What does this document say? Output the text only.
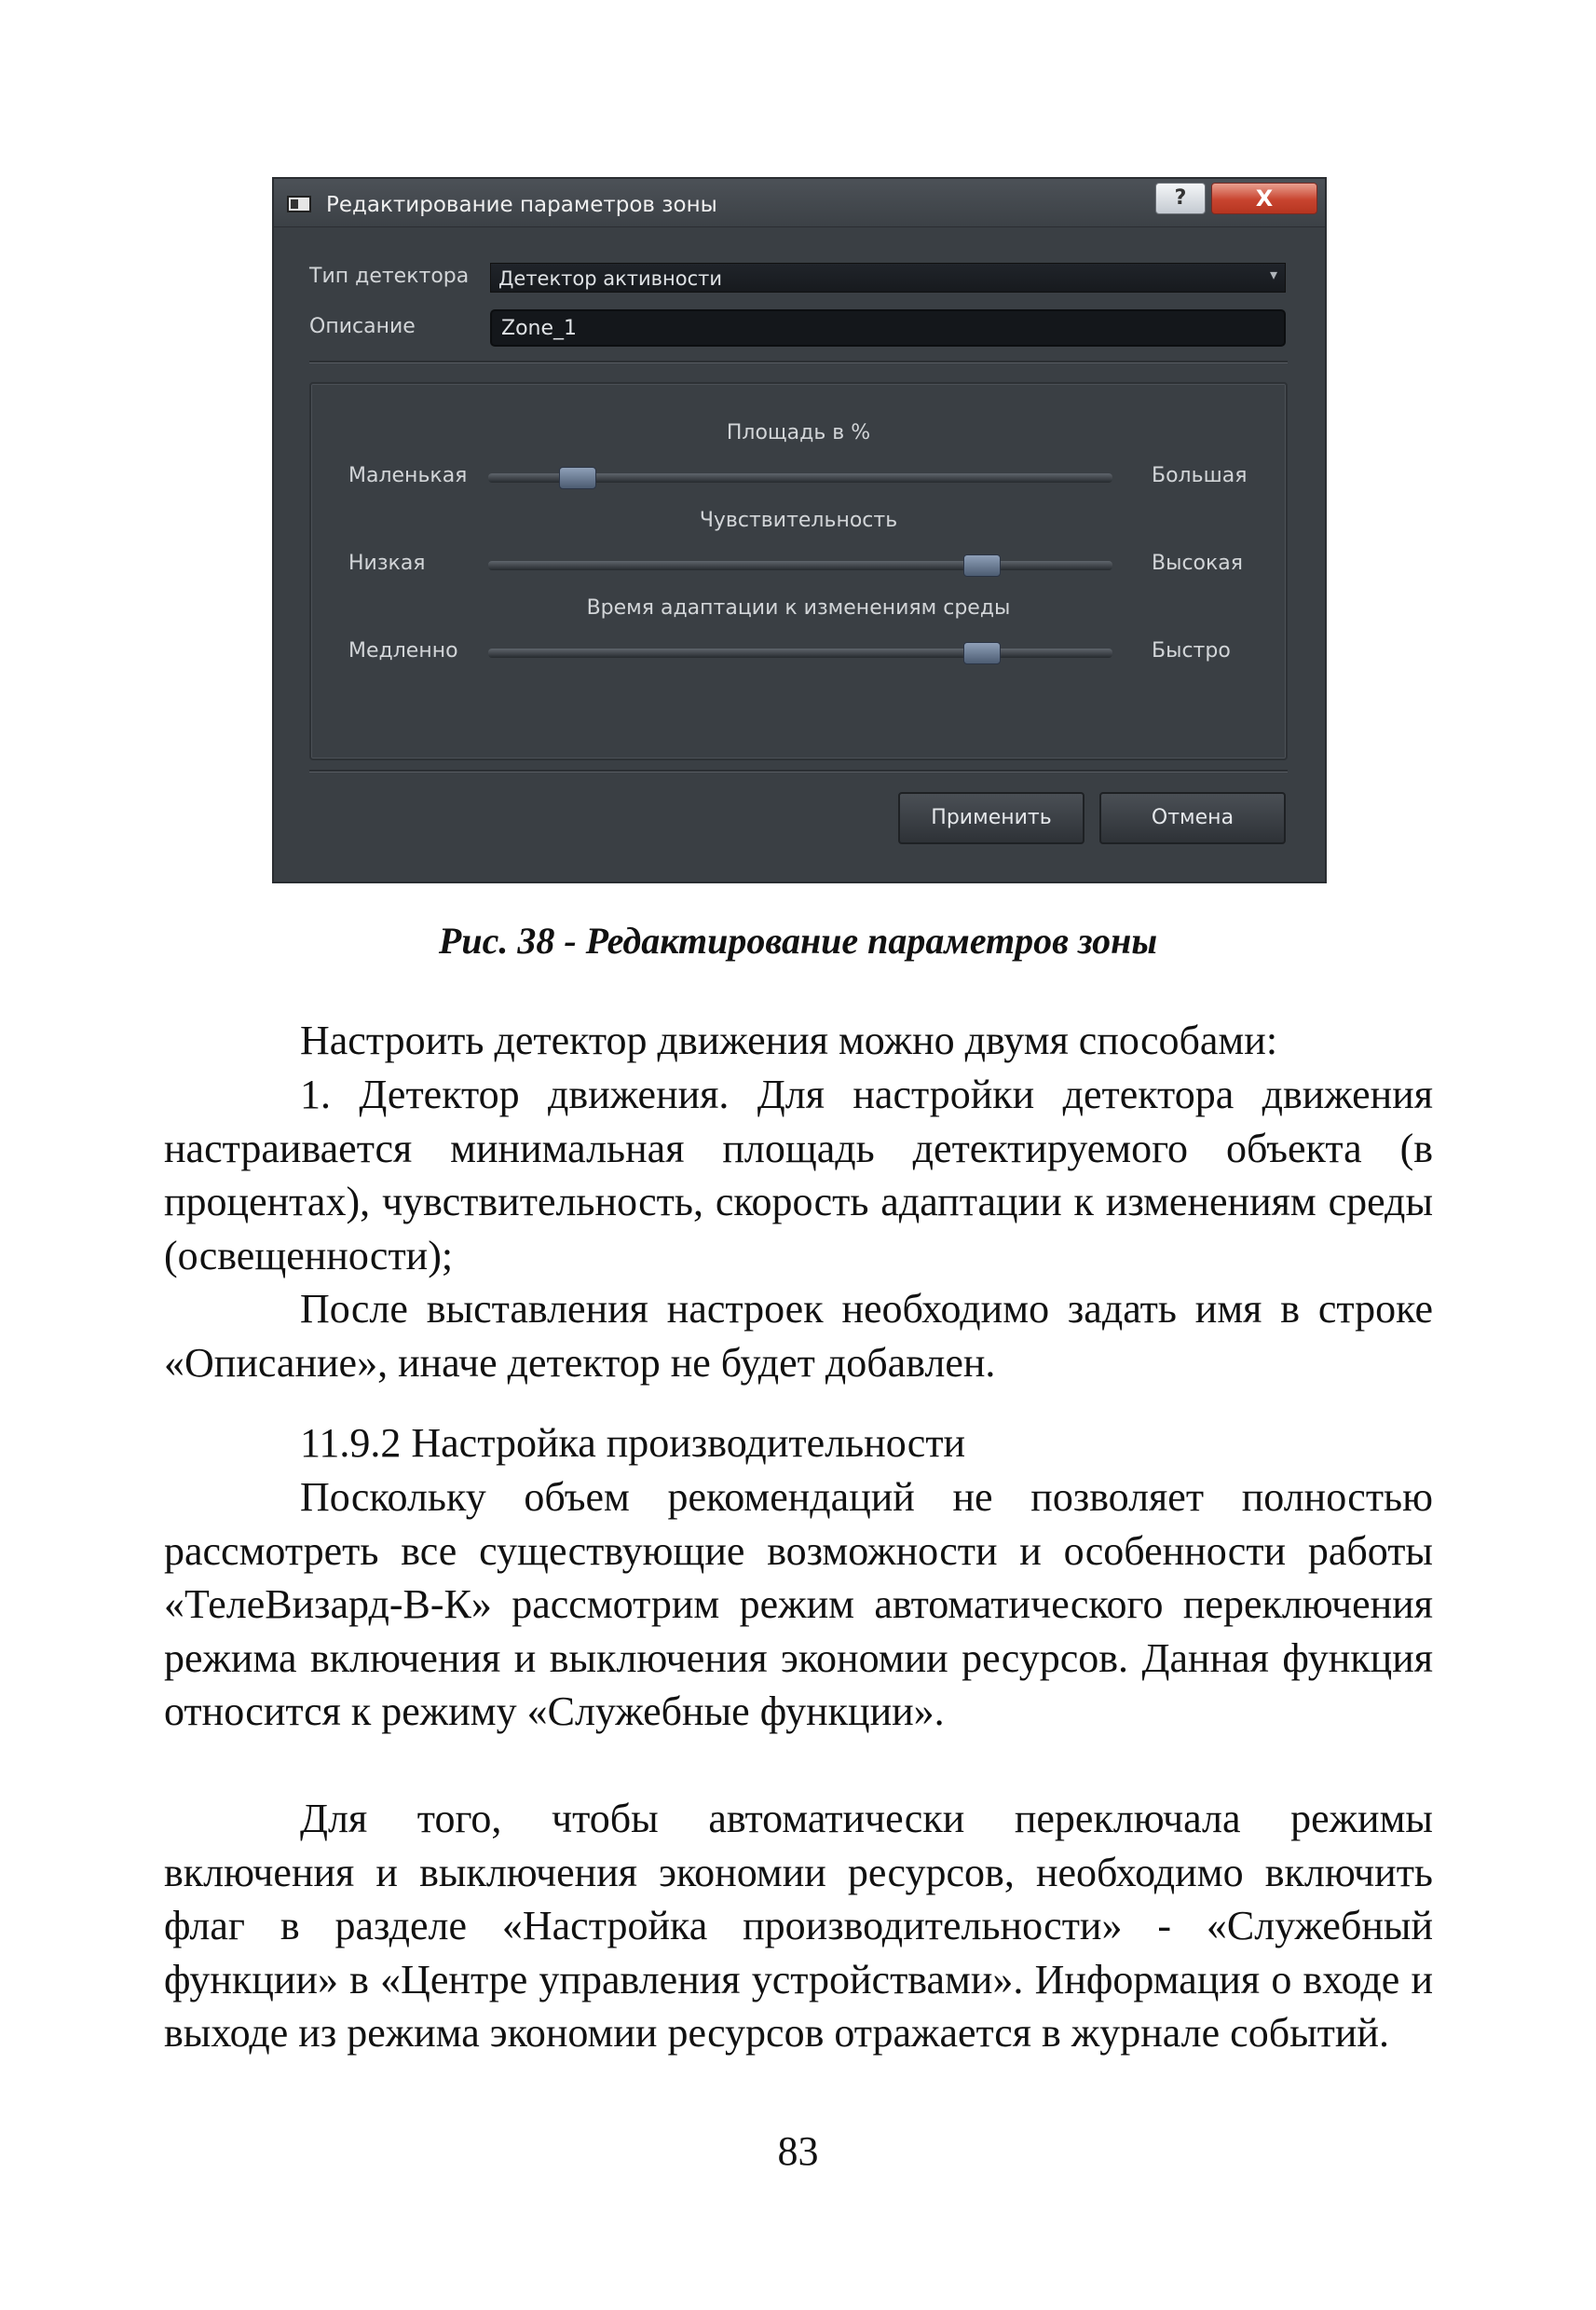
Редактирование параметров зоны	?	X
Тип детектора	Детектор активности	▾
Описание	Zone_1
Площадь в %
Маленькая	Большая
Чувствительность
Низкая	Высокая
Время адаптации к изменениям среды
Медленно	Быстро
Применить	Отмена
Рис. 38 - Редактирование параметров зоны
Настроить детектор движения можно двумя способами:
1. Детектор движения. Для настройки детектора движения настраивается минимальная площадь детектируемого объекта (в процентах), чувствительность, скорость адаптации к изменениям среды (освещенности);
После выставления настроек необходимо задать имя в строке «Описание», иначе детектор не будет добавлен.
11.9.2 Настройка производительности
Поскольку объем рекомендаций не позволяет полностью рассмотреть все существующие возможности и особенности работы «ТелеВизард-В-К» рассмотрим режим автоматического переключения режима включения и выключения экономии ресурсов. Данная функция относится к режиму «Служебные функции».
Для того, чтобы автоматически переключала режимы включения и выключения экономии ресурсов, необходимо включить флаг в разделе «Настройка производительности» - «Служебный функции» в «Центре управления устройствами». Информация о входе и выходе из режима экономии ресурсов отражается в журнале событий.
83
